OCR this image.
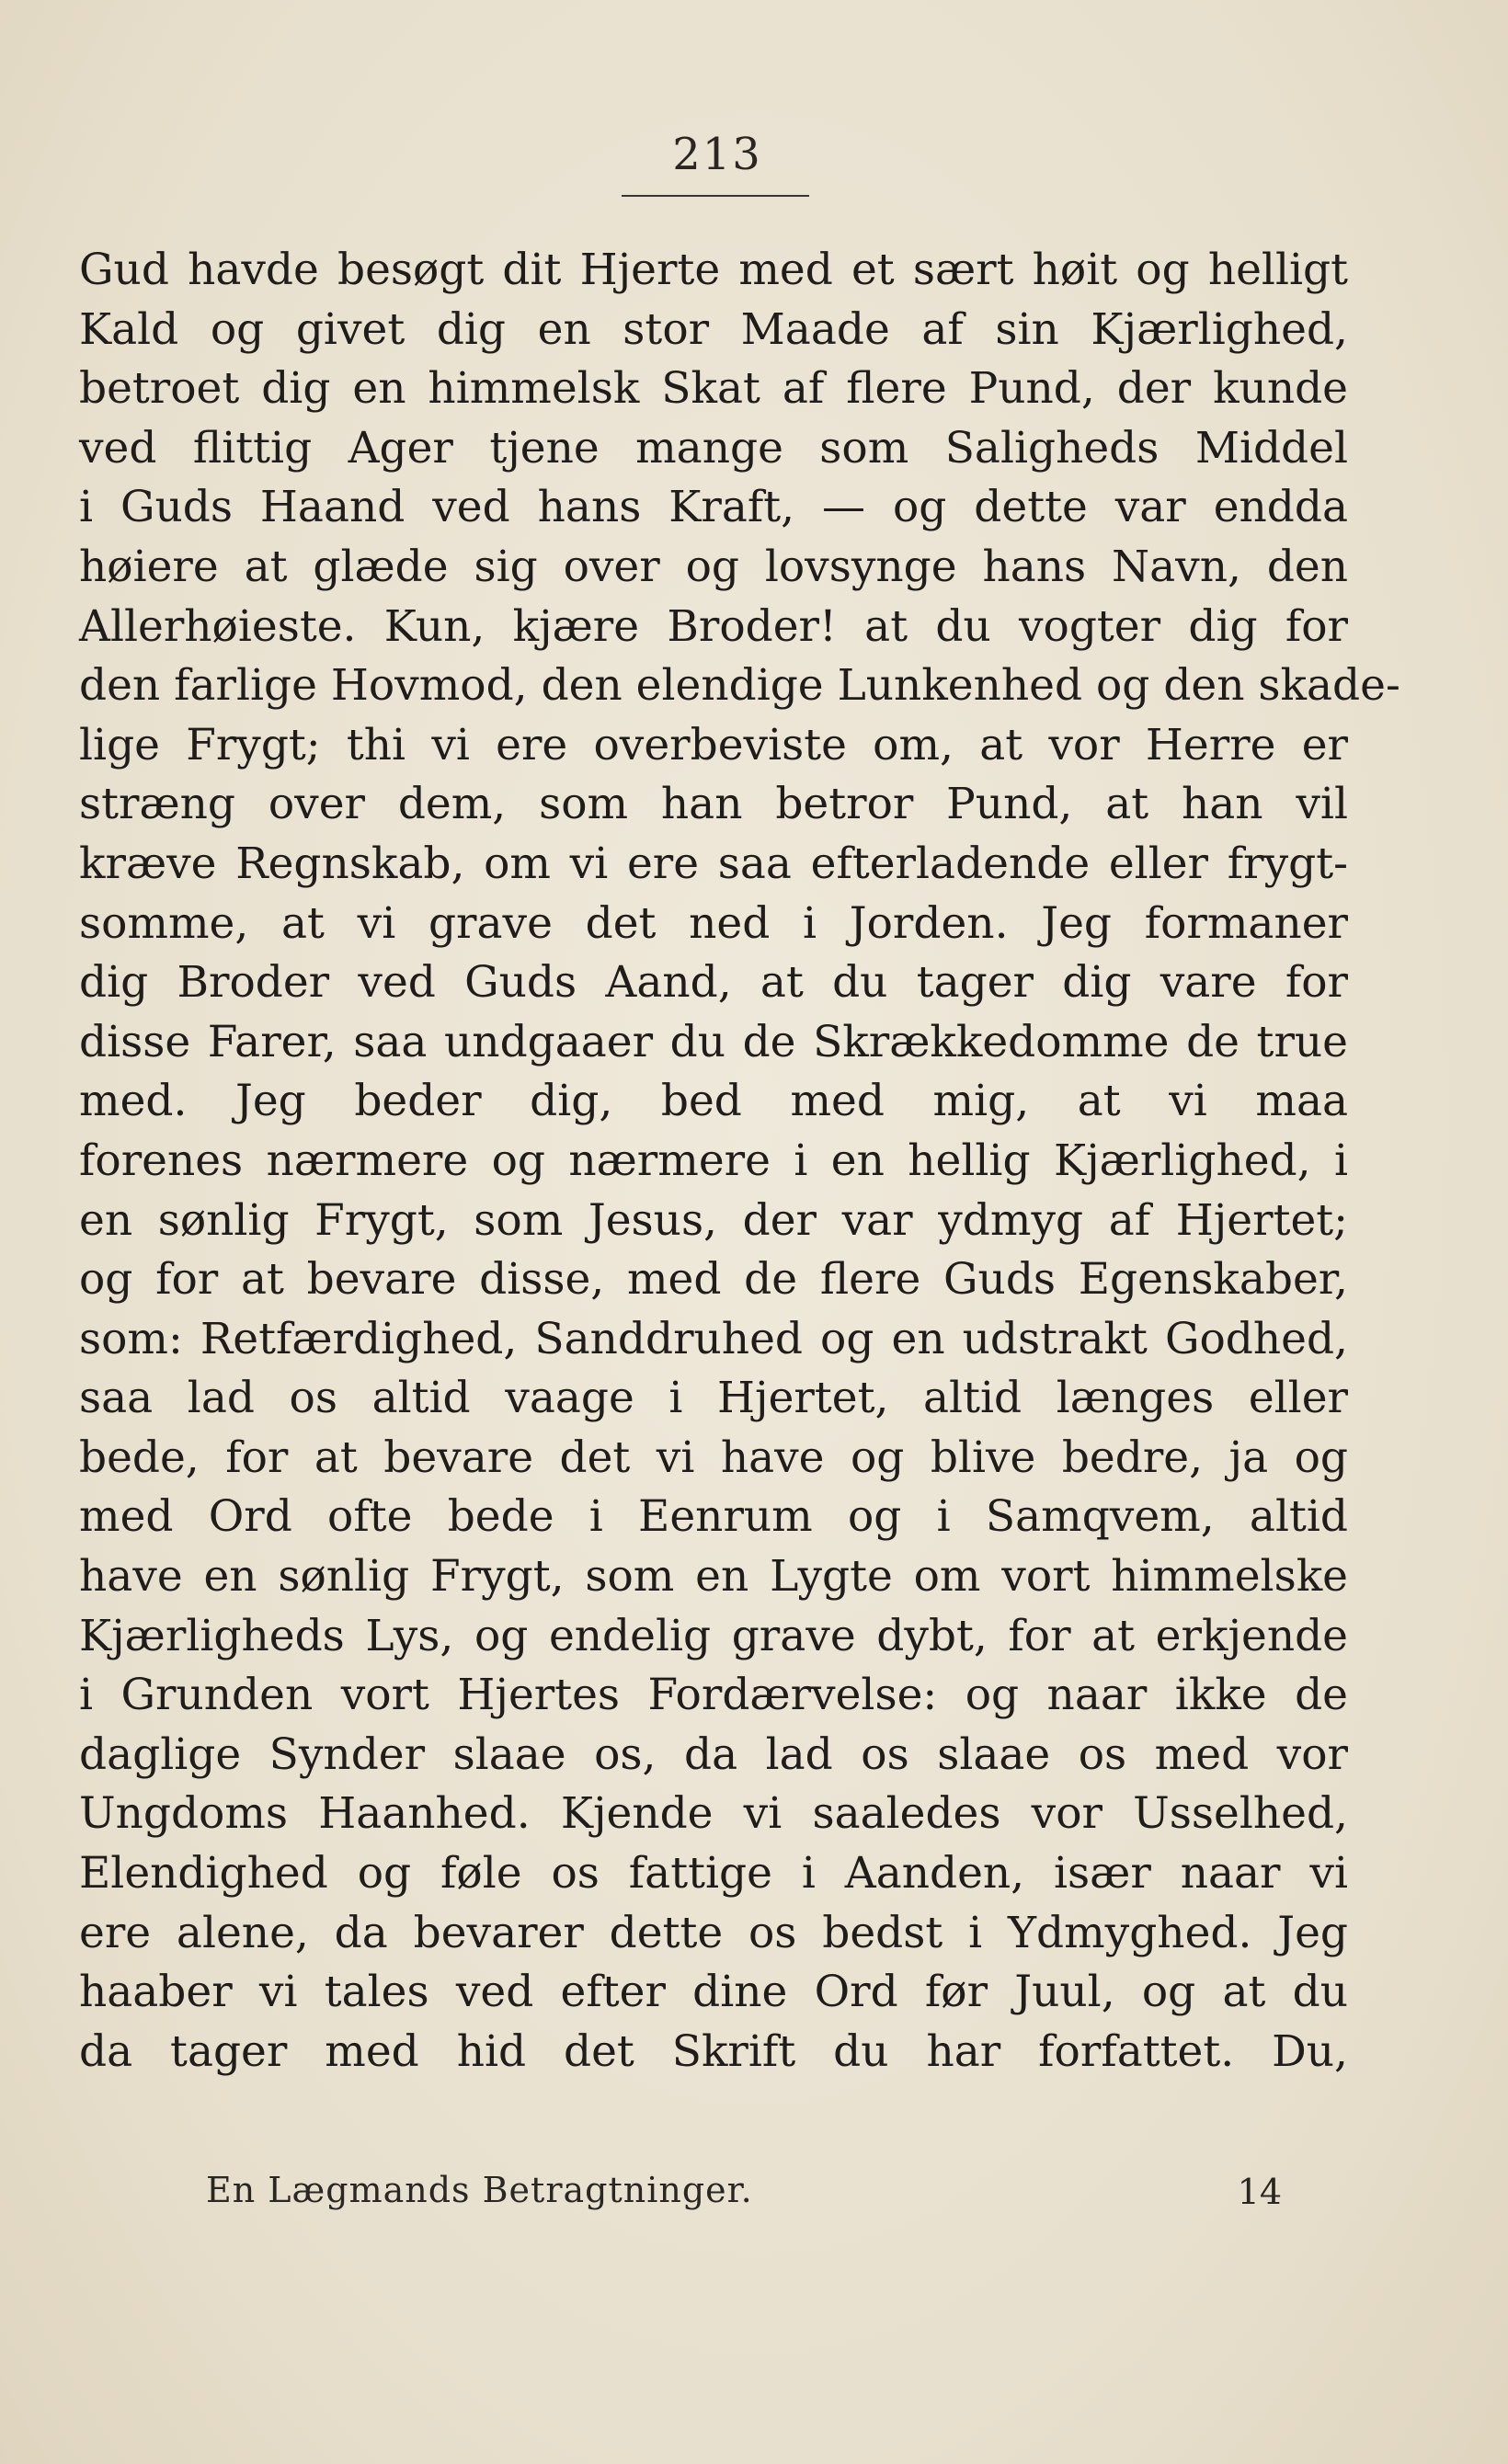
213
Gud havde besøgt dit Hjerte med et sært høit og helligt
Kald og givet dig en stor Maade af sin Kjærlighed,
betroet dig en himmelsk Skat af flere Pund, der kunde
ved flittig Ager tjene mange som Saligheds Middel
i Guds Haand ved hans Kraft, — og dette var endda
høiere at glæde sig over og lovsynge hans Navn, den
Allerhøieste. Kun, kjære Broder! at du vogter dig for
den farlige Hovmod, den elendige Lunkenhed og den skade-
lige Frygt; thi vi ere overbeviste om, at vor Herre er
stræng over dem, som han betror Pund, at han vil
kræve Regnskab, om vi ere saa efterladende eller frygt-
somme, at vi grave det ned i Jorden. Jeg formaner
dig Broder ved Guds Aand, at du tager dig vare for
disse Farer, saa undgaaer du de Skrækkedomme de true
med. Jeg beder dig, bed med mig, at vi maa
forenes nærmere og nærmere i en hellig Kjærlighed, i
en sønlig Frygt, som Jesus, der var ydmyg af Hjertet;
og for at bevare disse, med de flere Guds Egenskaber,
som: Retfærdighed, Sanddruhed og en udstrakt Godhed,
saa lad os altid vaage i Hjertet, altid længes eller
bede, for at bevare det vi have og blive bedre, ja og
med Ord ofte bede i Eenrum og i Samqvem, altid
have en sønlig Frygt, som en Lygte om vort himmelske
Kjærligheds Lys, og endelig grave dybt, for at erkjende
i Grunden vort Hjertes Fordærvelse: og naar ikke de
daglige Synder slaae os, da lad os slaae os med vor
Ungdoms Haanhed. Kjende vi saaledes vor Usselhed,
Elendighed og føle os fattige i Aanden, især naar vi
ere alene, da bevarer dette os bedst i Ydmyghed. Jeg
haaber vi tales ved efter dine Ord før Juul, og at du
da tager med hid det Skrift du har forfattet. Du,
En Lægmands Betragtninger.	14
